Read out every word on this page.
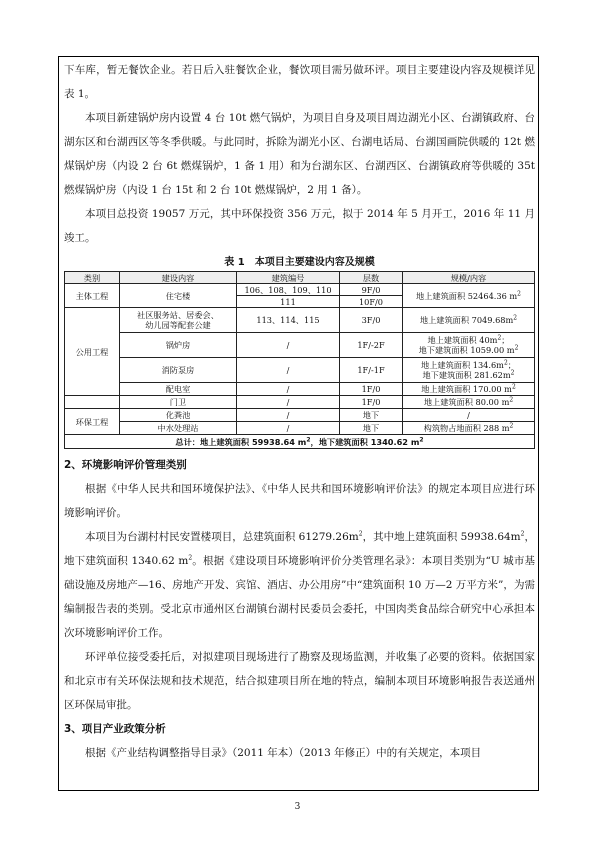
下车库，暂无餐饮企业。若日后入驻餐饮企业，餐饮项目需另做环评。项目主要建设内容及规模详见表 1。

本项目新建锅炉房内设置 4 台 10t 燃气锅炉，为项目自身及项目周边湖光小区、台湖镇政府、台湖东区和台湖西区等冬季供暖。与此同时，拆除为湖光小区、台湖电话局、台湖国画院供暖的 12t 燃煤锅炉房（内设 2 台 6t 燃煤锅炉，1 备 1 用）和为台湖东区、台湖西区、台湖镇政府等供暖的 35t 燃煤锅炉房（内设 1 台 15t 和 2 台 10t 燃煤锅炉，2 用 1 备）。

本项目总投资 19057 万元，其中环保投资 356 万元，拟于 2014 年 5 月开工，2016 年 11 月竣工。

表 1　本项目主要建设内容及规模
类别	建设内容	建筑编号	层数	规模/内容
主体工程	住宅楼	106、108、109、110	9F/0	地上建筑面积 52464.36 $m^2$
		111	10F/0	
公用工程	社区服务站、居委会、幼儿园等配套公建	113、114、115	3F/0	地上建筑面积 $7049.68m^2$
	锅炉房	/	1F/-2F	地上建筑面积 $40m^2$；
地下建筑面积 1059.00 $m^2$
	消防泵房	/	1F/-1F	地上建筑面积 $134.6m^2$；
地下建筑面积 $281.62m^2$
	配电室	/	1F/0	地上建筑面积 170.00 $m^2$
	门卫	/	1F/0	地上建筑面积 80.00 $m^2$
环保工程	化粪池	/	地下	/
	中水处理站	/	地下	构筑物占地面积 288 $m^2$
总计：地上建筑面积 59938.64 $m^2$，地下建筑面积 1340.62 $m^2$

2、环境影响评价管理类别

根据《中华人民共和国环境保护法》、《中华人民共和国环境影响评价法》的规定本项目应进行环境影响评价。

本项目为台湖村村民安置楼项目，总建筑面积 $61279.26m^2$，其中地上建筑面积 $59938.64m^2$，地下建筑面积 1340.62 $m^2$。根据《建设项目环境影响评价分类管理名录》：本项目类别为“U 城市基础设施及房地产—16、房地产开发、宾馆、酒店、办公用房”中“建筑面积 10 万—2 万平方米”，为需编制报告表的类别。受北京市通州区台湖镇台湖村民委员会委托，中国肉类食品综合研究中心承担本次环境影响评价工作。

环评单位接受委托后，对拟建项目现场进行了勘察及现场监测，并收集了必要的资料。依据国家和北京市有关环保法规和技术规范，结合拟建项目所在地的特点，编制本项目环境影响报告表送通州区环保局审批。

3、项目产业政策分析

根据《产业结构调整指导目录》（2011 年本）（2013 年修正）中的有关规定，本项目

3
